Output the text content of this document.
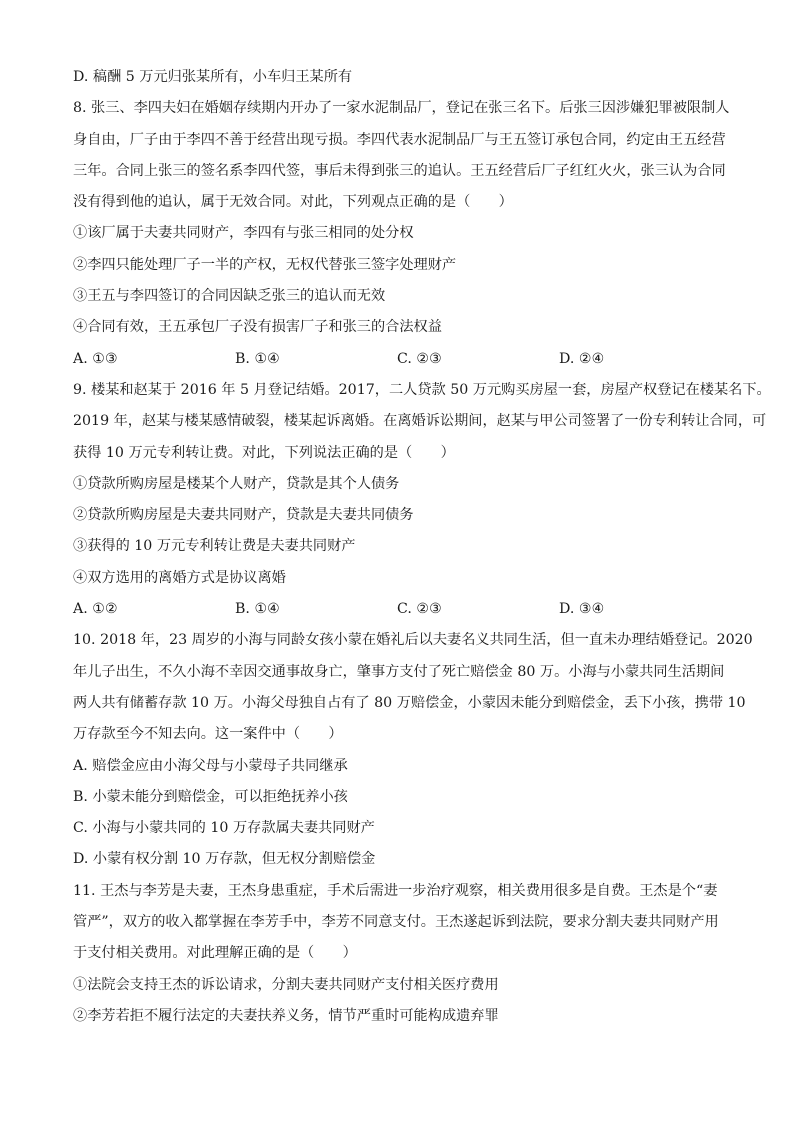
D. 稿酬 5 万元归张某所有，小车归王某所有
8. 张三、李四夫妇在婚姻存续期内开办了一家水泥制品厂，登记在张三名下。后张三因涉嫌犯罪被限制人
身自由，厂子由于李四不善于经营出现亏损。李四代表水泥制品厂与王五签订承包合同，约定由王五经营
三年。合同上张三的签名系李四代签，事后未得到张三的追认。王五经营后厂子红红火火，张三认为合同
没有得到他的追认，属于无效合同。对此，下列观点正确的是（　　）
①该厂属于夫妻共同财产，李四有与张三相同的处分权
②李四只能处理厂子一半的产权，无权代替张三签字处理财产
③王五与李四签订的合同因缺乏张三的追认而无效
④合同有效，王五承包厂子没有损害厂子和张三的合法权益
A. ①③	B. ①④	C. ②③	D. ②④
9. 楼某和赵某于 2016 年 5 月登记结婚。2017，二人贷款 50 万元购买房屋一套，房屋产权登记在楼某名下。
2019 年，赵某与楼某感情破裂，楼某起诉离婚。在离婚诉讼期间，赵某与甲公司签署了一份专利转让合同，可
获得 10 万元专利转让费。对此，下列说法正确的是（　　）
①贷款所购房屋是楼某个人财产，贷款是其个人债务
②贷款所购房屋是夫妻共同财产，贷款是夫妻共同债务
③获得的 10 万元专利转让费是夫妻共同财产
④双方选用的离婚方式是协议离婚
A. ①②	B. ①④	C. ②③	D. ③④
10. 2018 年，23 周岁的小海与同龄女孩小蒙在婚礼后以夫妻名义共同生活，但一直未办理结婚登记。2020
年儿子出生，不久小海不幸因交通事故身亡，肇事方支付了死亡赔偿金 80 万。小海与小蒙共同生活期间
两人共有储蓄存款 10 万。小海父母独自占有了 80 万赔偿金，小蒙因未能分到赔偿金，丢下小孩，携带 10
万存款至今不知去向。这一案件中（　　）
A. 赔偿金应由小海父母与小蒙母子共同继承
B. 小蒙未能分到赔偿金，可以拒绝抚养小孩
C. 小海与小蒙共同的 10 万存款属夫妻共同财产
D. 小蒙有权分割 10 万存款，但无权分割赔偿金
11. 王杰与李芳是夫妻，王杰身患重症，手术后需进一步治疗观察，相关费用很多是自费。王杰是个“妻
管严”，双方的收入都掌握在李芳手中，李芳不同意支付。王杰遂起诉到法院，要求分割夫妻共同财产用
于支付相关费用。对此理解正确的是（　　）
①法院会支持王杰的诉讼请求，分割夫妻共同财产支付相关医疗费用
②李芳若拒不履行法定的夫妻扶养义务，情节严重时可能构成遗弃罪
